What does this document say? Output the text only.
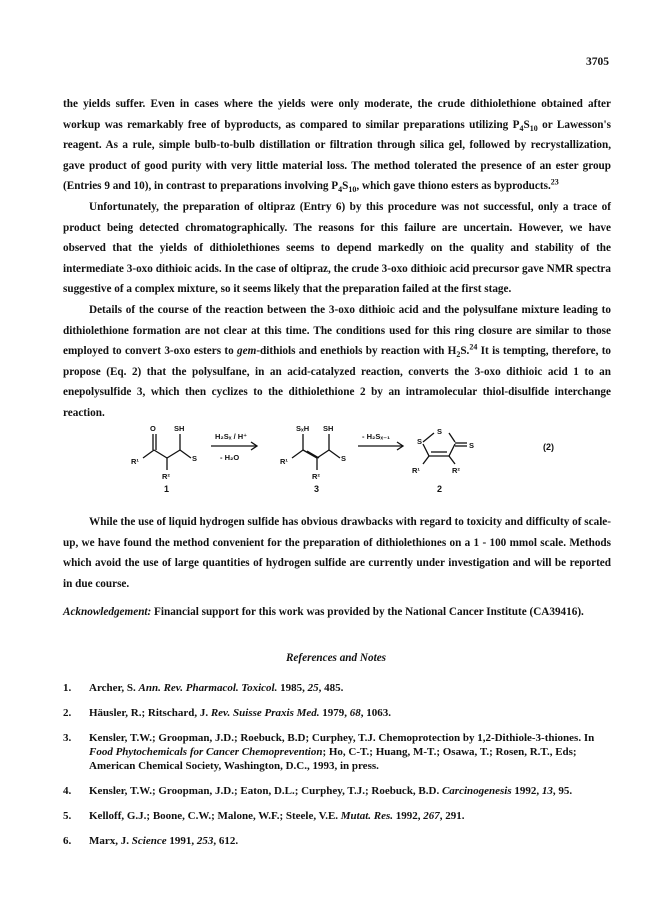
3705

the yields suffer. Even in cases where the yields were only moderate, the crude dithiolethione obtained after workup was remarkably free of byproducts, as compared to similar preparations utilizing $P_4S_{10}$ or Lawesson's reagent. As a rule, simple bulb-to-bulb distillation or filtration through silica gel, followed by recrystallization, gave product of good purity with very little material loss. The method tolerated the presence of an ester group (Entries 9 and 10), in contrast to preparations involving $P_4S_{10}$, which gave thiono esters as byproducts.$^{23}$

Unfortunately, the preparation of oltipraz (Entry 6) by this procedure was not successful, only a trace of product being detected chromatographically. The reasons for this failure are uncertain. However, we have observed that the yields of dithiolethiones seems to depend markedly on the quality and stability of the intermediate 3-oxo dithioic acids. In the case of oltipraz, the crude 3-oxo dithioic acid precursor gave NMR spectra suggestive of a complex mixture, so it seems likely that the preparation failed at the first stage.

Details of the course of the reaction between the 3-oxo dithioic acid and the polysulfane mixture leading to dithiolethione formation are not clear at this time. The conditions used for this ring closure are similar to those employed to convert 3-oxo esters to gem-dithiols and enethiols by reaction with $H_2S.^{24}$ It is tempting, therefore, to propose (Eq. 2) that the polysulfane, in an acid-catalyzed reaction, converts the 3-oxo dithioic acid 1 to an enepolysulfide 3, which then cyclizes to the dithiolethione 2 by an intramolecular thiol-disulfide interchange reaction.

O SH
S
R¹
R²
H₂Sₓ / H⁺
- H₂O
SₓH SH
S
R¹
R²
- H₂Sₓ₋₁
S
S
S
R¹	R²
1	3	2
(2)

While the use of liquid hydrogen sulfide has obvious drawbacks with regard to toxicity and difficulty of scale-up, we have found the method convenient for the preparation of dithiolethiones on a 1 - 100 mmol scale. Methods which avoid the use of large quantities of hydrogen sulfide are currently under investigation and will be reported in due course.

Acknowledgement: Financial support for this work was provided by the National Cancer Institute (CA39416).
References and Notes
1. Archer, S. Ann. Rev. Pharmacol. Toxicol. 1985, 25, 485.
2. Häusler, R.; Ritschard, J. Rev. Suisse Praxis Med. 1979, 68, 1063.
3. Kensler, T.W.; Groopman, J.D.; Roebuck, B.D; Curphey, T.J. Chemoprotection by 1,2-Dithiole-3-thiones. In Food Phytochemicals for Cancer Chemoprevention; Ho, C-T.; Huang, M-T.; Osawa, T.; Rosen, R.T., Eds; American Chemical Society, Washington, D.C., 1993, in press.
4. Kensler, T.W.; Groopman, J.D.; Eaton, D.L.; Curphey, T.J.; Roebuck, B.D. Carcinogenesis 1992, 13, 95.
5. Kelloff, G.J.; Boone, C.W.; Malone, W.F.; Steele, V.E. Mutat. Res. 1992, 267, 291.
6. Marx, J. Science 1991, 253, 612.
